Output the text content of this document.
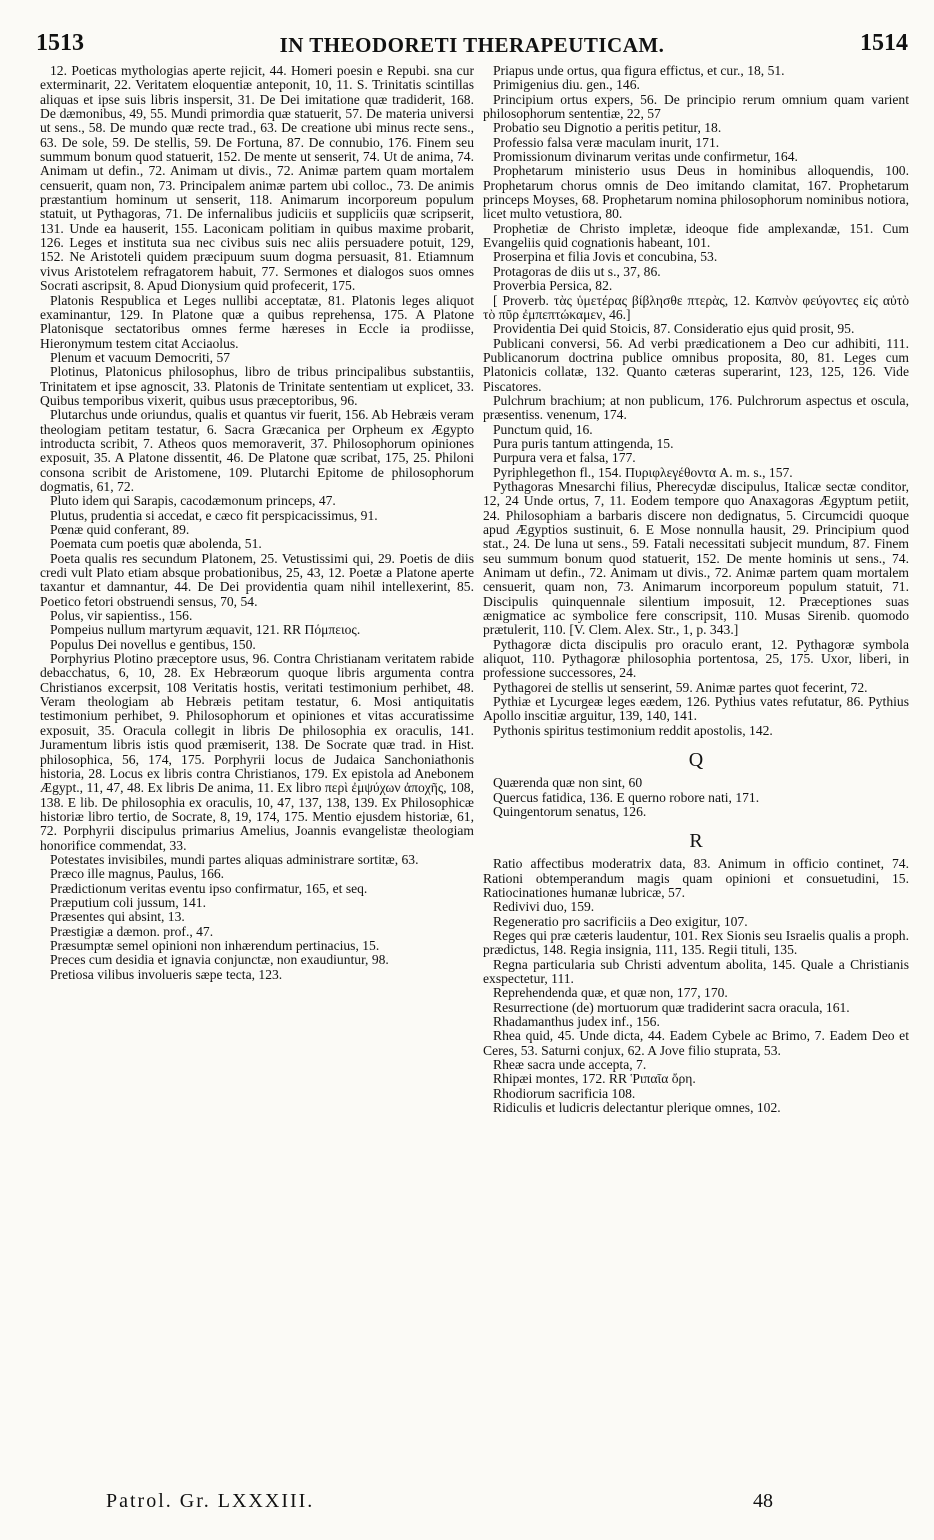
1513	IN THEODORETI THERAPEUTICAM.	1514

12. Poeticas mythologias aperte rejicit, 44. Homeri poesin e Repubi. sna cur exterminarit, 22. Veritatem eloquentiæ anteponit, 10, 11. S. Trinitatis scintillas aliquas et ipse suis libris inspersit, 31. De Dei imitatione quæ tradiderit, 168. De dæmonibus, 49, 55. Mundi primordia quæ statuerit, 57. De materia universi ut sens., 58. De mundo quæ recte trad., 63. De creatione ubi minus recte sens., 63. De sole, 59. De stellis, 59. De Fortuna, 87. De connubio, 176. Finem seu summum bonum quod statuerit, 152. De mente ut senserit, 74. Ut de anima, 74. Animam ut defin., 72. Animam ut divis., 72. Animæ partem quam mortalem censuerit, quam non, 73. Principalem animæ partem ubi colloc., 73. De animis præstantium hominum ut senserit, 118. Animarum incorporeum populum statuit, ut Pythagoras, 71. De infernalibus judiciis et suppliciis quæ scripserit, 131. Unde ea hauserit, 155. Laconicam politiam in quibus maxime probarit, 126. Leges et instituta sua nec civibus suis nec aliis persuadere potuit, 129, 152. Ne Aristoteli quidem præcipuum suum dogma persuasit, 81. Etiamnum vivus Aristotelem refragatorem habuit, 77. Sermones et dialogos suos omnes Socrati ascripsit, 8. Apud Dionysium quid profecerit, 175.

Platonis Respublica et Leges nullibi acceptatæ, 81. Platonis leges aliquot examinantur, 129. In Platone quæ a quibus reprehensa, 175. A Platone Platonisque sectatoribus omnes ferme hæreses in Eccle ia prodiisse, Hieronymum testem citat Acciaolus.

Plenum et vacuum Democriti, 57

Plotinus, Platonicus philosophus, libro de tribus principalibus substantiis, Trinitatem et ipse agnoscit, 33. Platonis de Trinitate sententiam ut explicet, 33. Quibus temporibus vixerit, quibus usus præceptoribus, 96.

Plutarchus unde oriundus, qualis et quantus vir fuerit, 156. Ab Hebræis veram theologiam petitam testatur, 6. Sacra Græcanica per Orpheum ex Ægypto introducta scribit, 7. Atheos quos memoraverit, 37. Philosophorum opiniones exposuit, 35. A Platone dissentit, 46. De Platone quæ scribat, 175, 25. Philoni consona scribit de Aristomene, 109. Plutarchi Epitome de philosophorum dogmatis, 61, 72.

Pluto idem qui Sarapis, cacodæmonum princeps, 47.

Plutus, prudentia si accedat, e cæco fit perspicacissimus, 91.

Pœnæ quid conferant, 89.

Poemata cum poetis quæ abolenda, 51.

Poeta qualis res secundum Platonem, 25. Vetustissimi qui, 29. Poetis de diis credi vult Plato etiam absque probationibus, 25, 43, 12. Poetæ a Platone aperte taxantur et damnantur, 44. De Dei providentia quam nihil intellexerint, 85. Poetico fetori obstruendi sensus, 70, 54.

Polus, vir sapientiss., 156.

Pompeius nullum martyrum æquavit, 121. RR Πόμπειος.

Populus Dei novellus e gentibus, 150.

Porphyrius Plotino præceptore usus, 96. Contra Christianam veritatem rabide debacchatus, 6, 10, 28. Ex Hebræorum quoque libris argumenta contra Christianos excerpsit, 108 Veritatis hostis, veritati testimonium perhibet, 48. Veram theologiam ab Hebræis petitam testatur, 6. Mosi antiquitatis testimonium perhibet, 9. Philosophorum et opiniones et vitas accuratissime exposuit, 35. Oracula collegit in libris De philosophia ex oraculis, 141. Juramentum libris istis quod præmiserit, 138. De Socrate quæ trad. in Hist. philosophica, 56, 174, 175. Porphyrii locus de Judaica Sanchoniathonis historia, 28. Locus ex libris contra Christianos, 179. Ex epistola ad Anebonem Ægypt., 11, 47, 48. Ex libris De anima, 11. Ex libro περὶ ἐμψύχων ἀποχῆς, 108, 138. E lib. De philosophia ex oraculis, 10, 47, 137, 138, 139. Ex Philosophicæ historiæ libro tertio, de Socrate, 8, 19, 174, 175. Mentio ejusdem historiæ, 61, 72. Porphyrii discipulus primarius Amelius, Joannis evangelistæ theologiam honorifice commendat, 33.

Potestates invisibiles, mundi partes aliquas administrare sortitæ, 63.

Præco ille magnus, Paulus, 166.

Prædictionum veritas eventu ipso confirmatur, 165, et seq.

Præputium coli jussum, 141.

Præsentes qui absint, 13.

Præstigiæ a dæmon. prof., 47.

Præsumptæ semel opinioni non inhærendum pertinacius, 15.

Preces cum desidia et ignavia conjunctæ, non exaudiuntur, 98.

Pretiosa vilibus involueris sæpe tecta, 123.

Priapus unde ortus, qua figura effictus, et cur., 18, 51.

Primigenius diu. gen., 146.

Principium ortus expers, 56. De principio rerum omnium quam varient philosophorum sententiæ, 22, 57

Probatio seu Dignotio a peritis petitur, 18.

Professio falsa veræ maculam inurit, 171.

Promissionum divinarum veritas unde confirmetur, 164.

Prophetarum ministerio usus Deus in hominibus alloquendis, 100. Prophetarum chorus omnis de Deo imitando clamitat, 167. Prophetarum princeps Moyses, 68. Prophetarum nomina philosophorum nominibus notiora, licet multo vetustiora, 80.

Prophetiæ de Christo impletæ, ideoque fide amplexandæ, 151. Cum Evangeliis quid cognationis habeant, 101.

Proserpina et filia Jovis et concubina, 53.

Protagoras de diis ut s., 37, 86.

Proverbia Persica, 82.

[ Proverb. τὰς ὑμετέρας βίβλησθε πτερὰς, 12. Καπνὸν φεύγοντες εἰς αὐτὸ τὸ πῦρ ἐμπεπτώκαμεν, 46.]

Providentia Dei quid Stoicis, 87. Consideratio ejus quid prosit, 95.

Publicani conversi, 56. Ad verbi prædicationem a Deo cur adhibiti, 111. Publicanorum doctrina publice omnibus proposita, 80, 81. Leges cum Platonicis collatæ, 132. Quanto cæteras superarint, 123, 125, 126. Vide Piscatores.

Pulchrum brachium; at non publicum, 176. Pulchrorum aspectus et oscula, præsentiss. venenum, 174.

Punctum quid, 16.

Pura puris tantum attingenda, 15.

Purpura vera et falsa, 177.

Pyriphlegethon fl., 154. Πυριφλεγέθοντα A. m. s., 157.

Pythagoras Mnesarchi filius, Pherecydæ discipulus, Italicæ sectæ conditor, 12, 24 Unde ortus, 7, 11. Eodem tempore quo Anaxagoras Ægyptum petiit, 24. Philosophiam a barbaris discere non dedignatus, 5. Circumcidi quoque apud Ægyptios sustinuit, 6. E Mose nonnulla hausit, 29. Principium quod stat., 24. De luna ut sens., 59. Fatali necessitati subjecit mundum, 87. Finem seu summum bonum quod statuerit, 152. De mente hominis ut sens., 74. Animam ut defin., 72. Animam ut divis., 72. Animæ partem quam mortalem censuerit, quam non, 73. Animarum incorporeum populum statuit, 71. Discipulis quinquennale silentium imposuit, 12. Præceptiones suas ænigmatice ac symbolice fere conscripsit, 110. Musas Sirenib. quomodo prætulerit, 110. [V. Clem. Alex. Str., 1, p. 343.]

Pythagoræ dicta discipulis pro oraculo erant, 12. Pythagoræ symbola aliquot, 110. Pythagoræ philosophia portentosa, 25, 175. Uxor, liberi, in professione successores, 24.

Pythagorei de stellis ut senserint, 59. Animæ partes quot fecerint, 72.

Pythiæ et Lycurgeæ leges eædem, 126. Pythius vates refutatur, 86. Pythius Apollo inscitiæ arguitur, 139, 140, 141.

Pythonis spiritus testimonium reddit apostolis, 142.

Q

Quærenda quæ non sint, 60

Quercus fatidica, 136. E querno robore nati, 171.

Quingentorum senatus, 126.

R

Ratio affectibus moderatrix data, 83. Animum in officio continet, 74. Rationi obtemperandum magis quam opinioni et consuetudini, 15. Ratiocinationes humanæ lubricæ, 57.

Redivivi duo, 159.

Regeneratio pro sacrificiis a Deo exigitur, 107.

Reges qui præ cæteris laudentur, 101. Rex Sionis seu Israelis qualis a proph. prædictus, 148. Regia insignia, 111, 135. Regii tituli, 135.

Regna particularia sub Christi adventum abolita, 145. Quale a Christianis exspectetur, 111.

Reprehendenda quæ, et quæ non, 177, 170.

Resurrectione (de) mortuorum quæ tradiderint sacra oracula, 161.

Rhadamanthus judex inf., 156.

Rhea quid, 45. Unde dicta, 44. Eadem Cybele ac Brimo, 7. Eadem Deo et Ceres, 53. Saturni conjux, 62. A Jove filio stuprata, 53.

Rheæ sacra unde accepta, 7.

Rhipæi montes, 172. RR Ῥιπαῖα ὄρη.

Rhodiorum sacrificia 108.

Ridiculis et ludicris delectantur plerique omnes, 102.

Patrol. Gr. LXXXIII.	48
